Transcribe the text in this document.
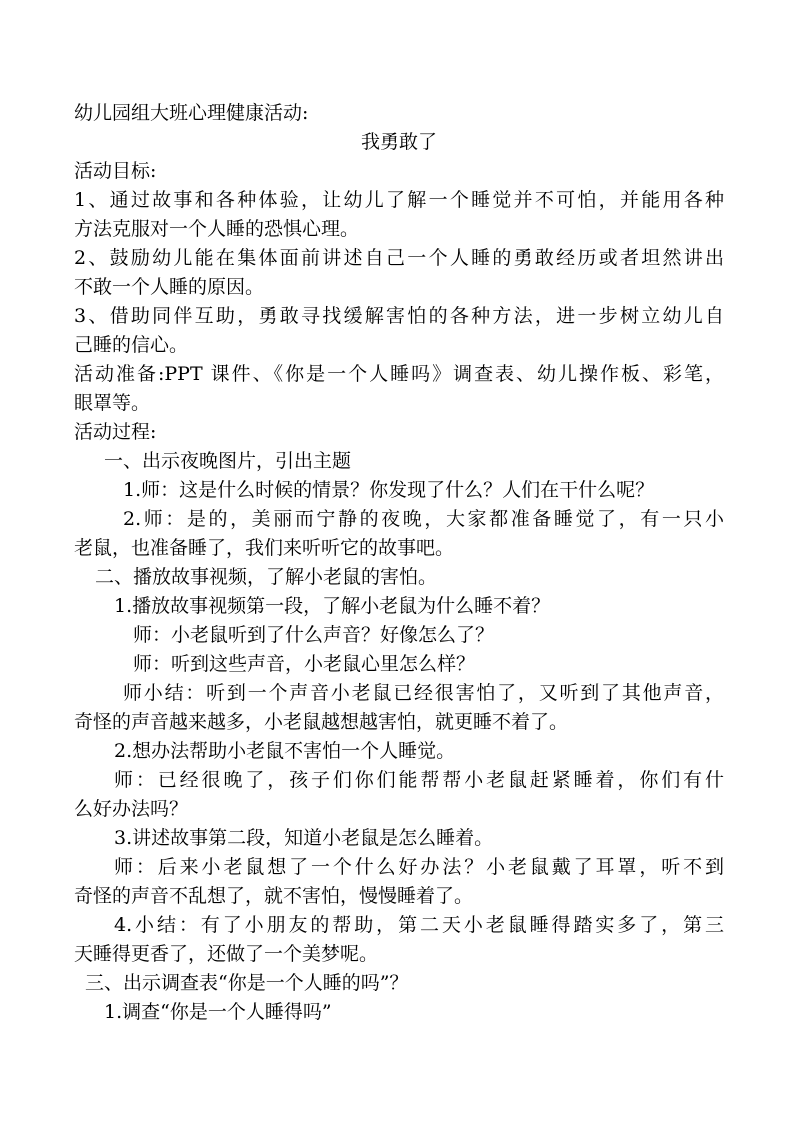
幼儿园组大班心理健康活动:
我勇敢了
活动目标:
1、通过故事和各种体验，让幼儿了解一个睡觉并不可怕，并能用各种
方法克服对一个人睡的恐惧心理。
2、鼓励幼儿能在集体面前讲述自己一个人睡的勇敢经历或者坦然讲出
不敢一个人睡的原因。
3、借助同伴互助，勇敢寻找缓解害怕的各种方法，进一步树立幼儿自
己睡的信心。
活动准备:PPT 课件、《你是一个人睡吗》调查表、幼儿操作板、彩笔，
眼罩等。
活动过程:
一、出示夜晚图片，引出主题
1.师：这是什么时候的情景？你发现了什么？人们在干什么呢？
2.师：是的，美丽而宁静的夜晚，大家都准备睡觉了，有一只小
老鼠，也准备睡了，我们来听听它的故事吧。
二、播放故事视频，了解小老鼠的害怕。
1.播放故事视频第一段，了解小老鼠为什么睡不着？
师：小老鼠听到了什么声音？好像怎么了？
师：听到这些声音，小老鼠心里怎么样？
师小结：听到一个声音小老鼠已经很害怕了，又听到了其他声音，
奇怪的声音越来越多，小老鼠越想越害怕，就更睡不着了。
2.想办法帮助小老鼠不害怕一个人睡觉。
师：已经很晚了，孩子们你们能帮帮小老鼠赶紧睡着，你们有什
么好办法吗？
3.讲述故事第二段，知道小老鼠是怎么睡着。
师：后来小老鼠想了一个什么好办法？小老鼠戴了耳罩，听不到
奇怪的声音不乱想了，就不害怕，慢慢睡着了。
4.小结：有了小朋友的帮助，第二天小老鼠睡得踏实多了，第三
天睡得更香了，还做了一个美梦呢。
三、出示调查表“你是一个人睡的吗”？
1.调查“你是一个人睡得吗”
